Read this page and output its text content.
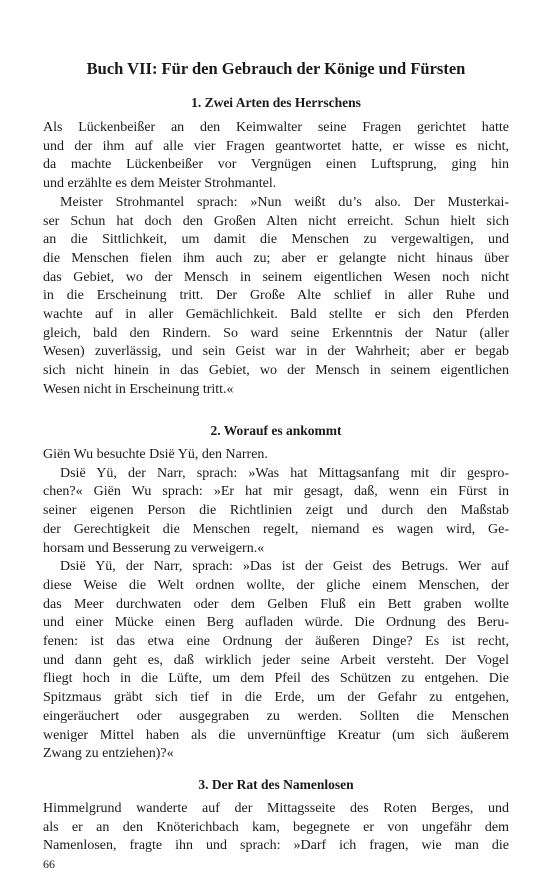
Buch VII: Für den Gebrauch der Könige und Fürsten
1. Zwei Arten des Herrschens
Als Lückenbeißer an den Keimwalter seine Fragen gerichtet hatte
und der ihm auf alle vier Fragen geantwortet hatte, er wisse es nicht,
da machte Lückenbeißer vor Vergnügen einen Luftsprung, ging hin
und erzählte es dem Meister Strohmantel.
Meister Strohmantel sprach: »Nun weißt du’s also. Der Musterkai-
ser Schun hat doch den Großen Alten nicht erreicht. Schun hielt sich
an die Sittlichkeit, um damit die Menschen zu vergewaltigen, und
die Menschen fielen ihm auch zu; aber er gelangte nicht hinaus über
das Gebiet, wo der Mensch in seinem eigentlichen Wesen noch nicht
in die Erscheinung tritt. Der Große Alte schlief in aller Ruhe und
wachte auf in aller Gemächlichkeit. Bald stellte er sich den Pferden
gleich, bald den Rindern. So ward seine Erkenntnis der Natur (aller
Wesen) zuverlässig, und sein Geist war in der Wahrheit; aber er begab
sich nicht hinein in das Gebiet, wo der Mensch in seinem eigentlichen
Wesen nicht in Erscheinung tritt.«
2. Worauf es ankommt
Giën Wu besuchte Dsië Yü, den Narren.
Dsië Yü, der Narr, sprach: »Was hat Mittagsanfang mit dir gespro-
chen?« Giën Wu sprach: »Er hat mir gesagt, daß, wenn ein Fürst in
seiner eigenen Person die Richtlinien zeigt und durch den Maßstab
der Gerechtigkeit die Menschen regelt, niemand es wagen wird, Ge-
horsam und Besserung zu verweigern.«
Dsië Yü, der Narr, sprach: »Das ist der Geist des Betrugs. Wer auf
diese Weise die Welt ordnen wollte, der gliche einem Menschen, der
das Meer durchwaten oder dem Gelben Fluß ein Bett graben wollte
und einer Mücke einen Berg aufladen würde. Die Ordnung des Beru-
fenen: ist das etwa eine Ordnung der äußeren Dinge? Es ist recht,
und dann geht es, daß wirklich jeder seine Arbeit versteht. Der Vogel
fliegt hoch in die Lüfte, um dem Pfeil des Schützen zu entgehen. Die
Spitzmaus gräbt sich tief in die Erde, um der Gefahr zu entgehen,
eingeräuchert oder ausgegraben zu werden. Sollten die Menschen
weniger Mittel haben als die unvernünftige Kreatur (um sich äußerem
Zwang zu entziehen)?«
3. Der Rat des Namenlosen
Himmelgrund wanderte auf der Mittagsseite des Roten Berges, und
als er an den Knöterichbach kam, begegnete er von ungefähr dem
Namenlosen, fragte ihn und sprach: »Darf ich fragen, wie man die
66
